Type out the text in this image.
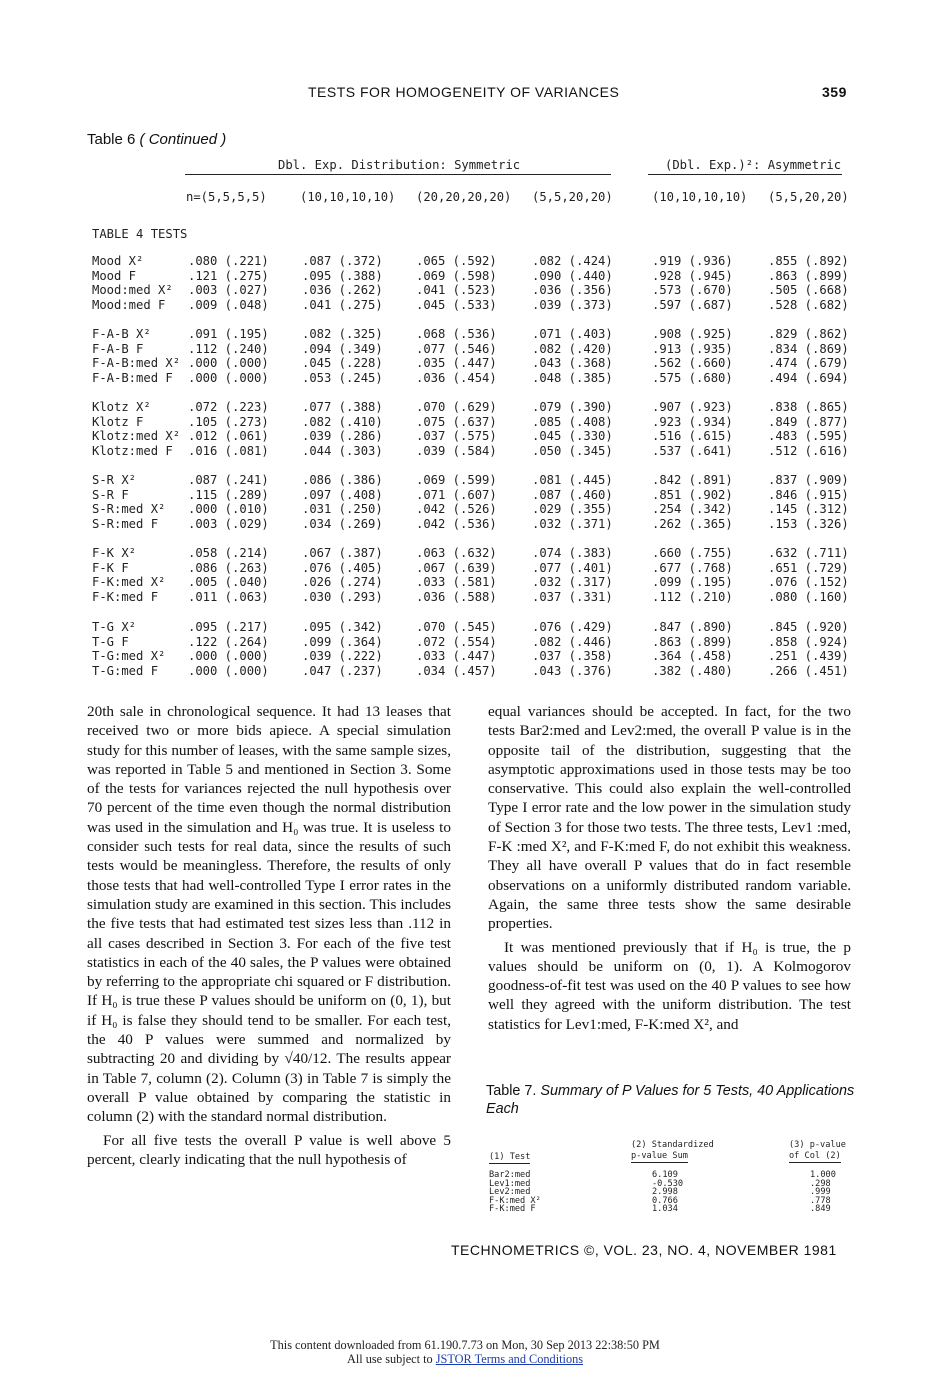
TESTS FOR HOMOGENEITY OF VARIANCES	359
Table 6 ( Continued )
Dbl. Exp. Distribution: Symmetric	(Dbl. Exp.)²: Asymmetric
n=(5,5,5,5)	(10,10,10,10) (20,20,20,20) (5,5,20,20)	(10,10,10,10) (5,5,20,20)
TABLE 4 TESTS
Mood X²	.080 (.221)	.087 (.372)	.065 (.592)	.082 (.424)	.919 (.936)	.855 (.892)
Mood F	.121 (.275)	.095 (.388)	.069 (.598)	.090 (.440)	.928 (.945)	.863 (.899)
Mood:med X² .003 (.027)	.036 (.262)	.041 (.523)	.036 (.356)	.573 (.670)	.505 (.668)
Mood:med F .009 (.048)	.041 (.275)	.045 (.533)	.039 (.373)	.597 (.687)	.528 (.682)
F-A-B X²	.091 (.195)	.082 (.325)	.068 (.536)	.071 (.403)	.908 (.925)	.829 (.862)
F-A-B F	.112 (.240)	.094 (.349)	.077 (.546)	.082 (.420)	.913 (.935)	.834 (.869)
F-A-B:med X² .000 (.000)	.045 (.228)	.035 (.447)	.043 (.368)	.562 (.660)	.474 (.679)
F-A-B:med F .000 (.000)	.053 (.245)	.036 (.454)	.048 (.385)	.575 (.680)	.494 (.694)
Klotz X²	.072 (.223)	.077 (.388)	.070 (.629)	.079 (.390)	.907 (.923)	.838 (.865)
Klotz F	.105 (.273)	.082 (.410)	.075 (.637)	.085 (.408)	.923 (.934)	.849 (.877)
Klotz:med X² .012 (.061)	.039 (.286)	.037 (.575)	.045 (.330)	.516 (.615)	.483 (.595)
Klotz:med F .016 (.081)	.044 (.303)	.039 (.584)	.050 (.345)	.537 (.641)	.512 (.616)
S-R X²	.087 (.241)	.086 (.386)	.069 (.599)	.081 (.445)	.842 (.891)	.837 (.909)
S-R F	.115 (.289)	.097 (.408)	.071 (.607)	.087 (.460)	.851 (.902)	.846 (.915)
S-R:med X² .000 (.010)	.031 (.250)	.042 (.526)	.029 (.355)	.254 (.342)	.145 (.312)
S-R:med F .003 (.029)	.034 (.269)	.042 (.536)	.032 (.371)	.262 (.365)	.153 (.326)
F-K X²	.058 (.214)	.067 (.387)	.063 (.632)	.074 (.383)	.660 (.755)	.632 (.711)
F-K F	.086 (.263)	.076 (.405)	.067 (.639)	.077 (.401)	.677 (.768)	.651 (.729)
F-K:med X² .005 (.040)	.026 (.274)	.033 (.581)	.032 (.317)	.099 (.195)	.076 (.152)
F-K:med F .011 (.063)	.030 (.293)	.036 (.588)	.037 (.331)	.112 (.210)	.080 (.160)
T-G X²	.095 (.217)	.095 (.342)	.070 (.545)	.076 (.429)	.847 (.890)	.845 (.920)
T-G F	.122 (.264)	.099 (.364)	.072 (.554)	.082 (.446)	.863 (.899)	.858 (.924)
T-G:med X² .000 (.000)	.039 (.222)	.033 (.447)	.037 (.358)	.364 (.458)	.251 (.439)
T-G:med F .000 (.000)	.047 (.237)	.034 (.457)	.043 (.376)	.382 (.480)	.266 (.451)

20th sale in chronological sequence. It had 13 leases that received two or more bids apiece. A special simulation study for this number of leases, with the same sample sizes, was reported in Table 5 and mentioned in Section 3. Some of the tests for variances rejected the null hypothesis over 70 percent of the time even though the normal distribution was used in the simulation and H₀ was true. It is useless to consider such tests for real data, since the results of such tests would be meaningless. Therefore, the results of only those tests that had well-controlled Type I error rates in the simulation study are examined in this section. This includes the five tests that had estimated test sizes less than .112 in all cases described in Section 3. For each of the five test statistics in each of the 40 sales, the P values were obtained by referring to the appropriate chi squared or F distribution. If H₀ is true these P values should be uniform on (0, 1), but if H₀ is false they should tend to be smaller. For each test, the 40 P values were summed and normalized by subtracting 20 and dividing by √40/12. The results appear in Table 7, column (2). Column (3) in Table 7 is simply the overall P value obtained by comparing the statistic in column (2) with the standard normal distribution.

For all five tests the overall P value is well above 5 percent, clearly indicating that the null hypothesis of

equal variances should be accepted. In fact, for the two tests Bar2:med and Lev2:med, the overall P value is in the opposite tail of the distribution, suggesting that the asymptotic approximations used in those tests may be too conservative. This could also explain the well-controlled Type I error rate and the low power in the simulation study of Section 3 for those two tests. The three tests, Lev1 :med, F-K :med X², and F-K:med F, do not exhibit this weakness. They all have overall P values that do in fact resemble observations on a uniformly distributed random variable. Again, the same three tests show the same desirable properties.

It was mentioned previously that if H₀ is true, the p values should be uniform on (0, 1). A Kolmogorov goodness-of-fit test was used on the 40 P values to see how well they agreed with the uniform distribution. The test statistics for Lev1:med, F-K:med X², and

Table 7. Summary of P Values for 5 Tests, 40 Applications Each
(1) Test
(2) Standardized
p-value Sum
(3) p-value
of Col (2)
Bar2:med	6.109	1.000
Lev1:med	-0.530	.298
Lev2:med	2.998	.999
F-K:med X²	0.766	.778
F-K:med F	1.034	.849
TECHNOMETRICS ©, VOL. 23, NO. 4, NOVEMBER 1981
This content downloaded from 61.190.7.73 on Mon, 30 Sep 2013 22:38:50 PM
All use subject to JSTOR Terms and Conditions
